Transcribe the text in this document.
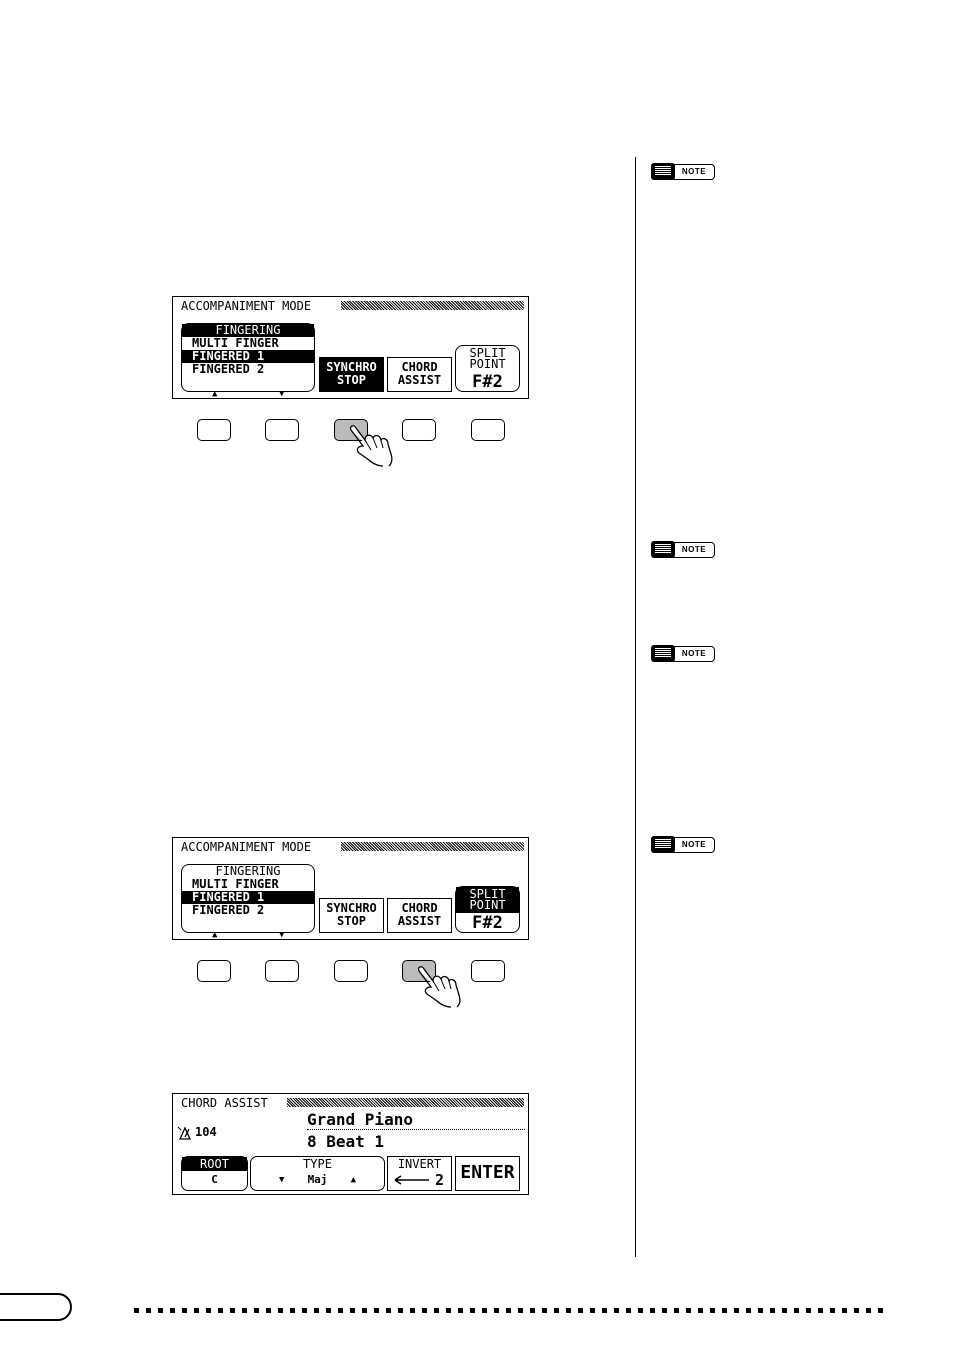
NOTE
NOTE
NOTE
NOTE
ACCOMPANIMENT MODE
FINGERING
MULTI FINGER
FINGERED 1
FINGERED 2
▲	▼
SYNCHRO
STOP
CHORD
ASSIST
SPLIT
POINT
F#2
ACCOMPANIMENT MODE
FINGERING
MULTI FINGER
FINGERED 1
FINGERED 2
▲	▼
SYNCHRO
STOP
CHORD
ASSIST
SPLIT
POINT
F#2
CHORD ASSIST
104
Grand Piano
8 Beat 1
ROOT
C
TYPE
▼ Maj	▲
INVERT
2 ENTER
